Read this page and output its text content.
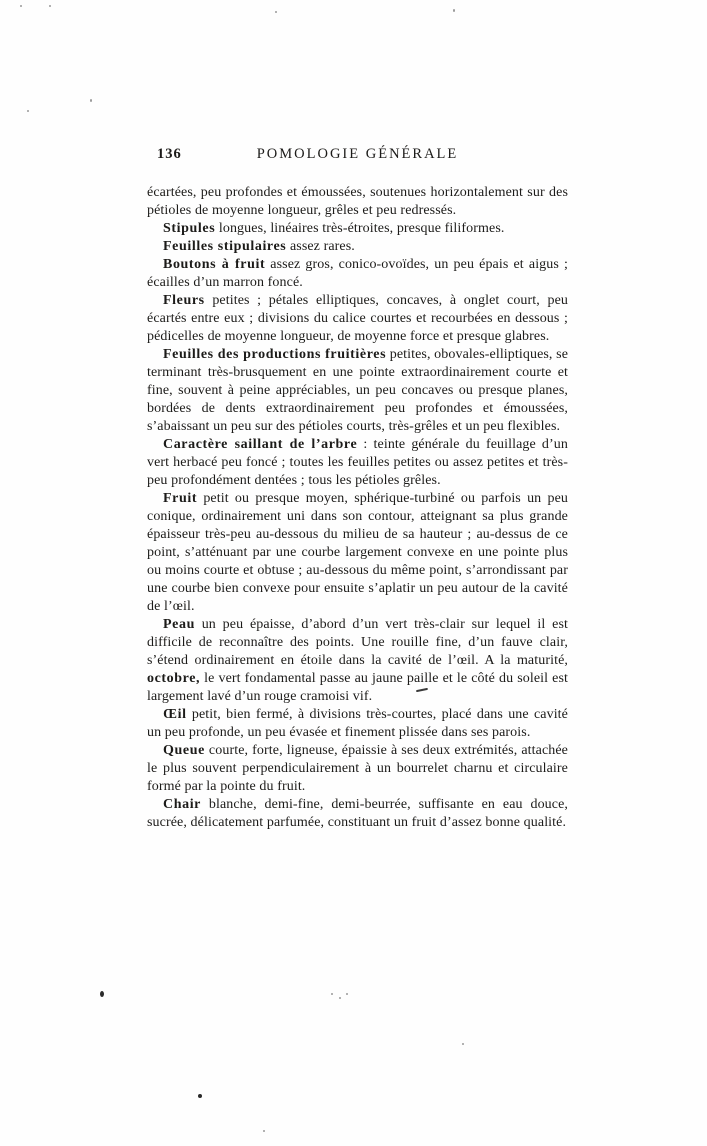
136	POMOLOGIE GÉNÉRALE

écartées, peu profondes et émoussées, soutenues horizontalement sur des pétioles de moyenne longueur, grêles et peu redressés.

Stipules longues, linéaires très-étroites, presque filiformes.

Feuilles stipulaires assez rares.

Boutons à fruit assez gros, conico-ovoïdes, un peu épais et aigus ; écailles d’un marron foncé.

Fleurs petites ; pétales elliptiques, concaves, à onglet court, peu écartés entre eux ; divisions du calice courtes et recourbées en dessous ; pédicelles de moyenne longueur, de moyenne force et presque glabres.

Feuilles des productions fruitières petites, obovales-elliptiques, se terminant très-brusquement en une pointe extraordinairement courte et fine, souvent à peine appréciables, un peu concaves ou presque planes, bordées de dents extraordinairement peu profondes et émoussées, s’abaissant un peu sur des pétioles courts, très-grêles et un peu flexibles.

Caractère saillant de l’arbre : teinte générale du feuillage d’un vert herbacé peu foncé ; toutes les feuilles petites ou assez petites et très-peu profondément dentées ; tous les pétioles grêles.

Fruit petit ou presque moyen, sphérique-turbiné ou parfois un peu conique, ordinairement uni dans son contour, atteignant sa plus grande épaisseur très-peu au-dessous du milieu de sa hauteur ; au-dessus de ce point, s’atténuant par une courbe largement convexe en une pointe plus ou moins courte et obtuse ; au-dessous du même point, s’arrondissant par une courbe bien convexe pour ensuite s’aplatir un peu autour de la cavité de l’œil.

Peau un peu épaisse, d’abord d’un vert très-clair sur lequel il est difficile de reconnaître des points. Une rouille fine, d’un fauve clair, s’étend ordinairement en étoile dans la cavité de l’œil. A la maturité, octobre, le vert fondamental passe au jaune paille et le côté du soleil est largement lavé d’un rouge cramoisi vif.

Œil petit, bien fermé, à divisions très-courtes, placé dans une cavité un peu profonde, un peu évasée et finement plissée dans ses parois.

Queue courte, forte, ligneuse, épaissie à ses deux extrémités, attachée le plus souvent perpendiculairement à un bourrelet charnu et circulaire formé par la pointe du fruit.

Chair blanche, demi-fine, demi-beurrée, suffisante en eau douce, sucrée, délicatement parfumée, constituant un fruit d’assez bonne qualité.
